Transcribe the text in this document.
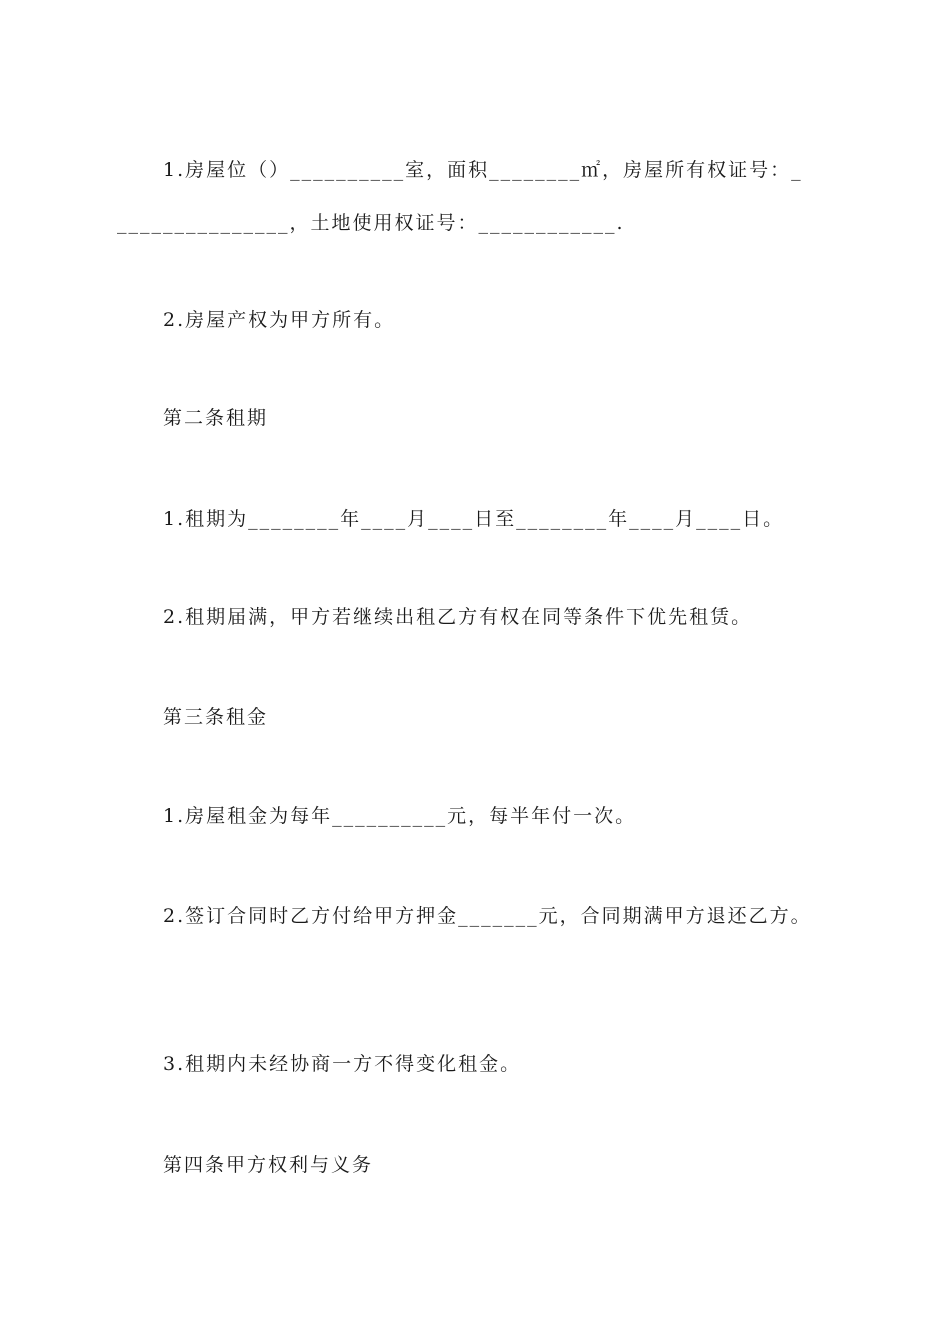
1.房屋位（）__________室，面积________㎡，房屋所有权证号：_
_______________，土地使用权证号：____________.
2.房屋产权为甲方所有。
第二条租期
1.租期为________年____月____日至________年____月____日。
2.租期届满，甲方若继续出租乙方有权在同等条件下优先租赁。
第三条租金
1.房屋租金为每年__________元，每半年付一次。
2.签订合同时乙方付给甲方押金_______元，合同期满甲方退还乙方。
3.租期内未经协商一方不得变化租金。
第四条甲方权利与义务
